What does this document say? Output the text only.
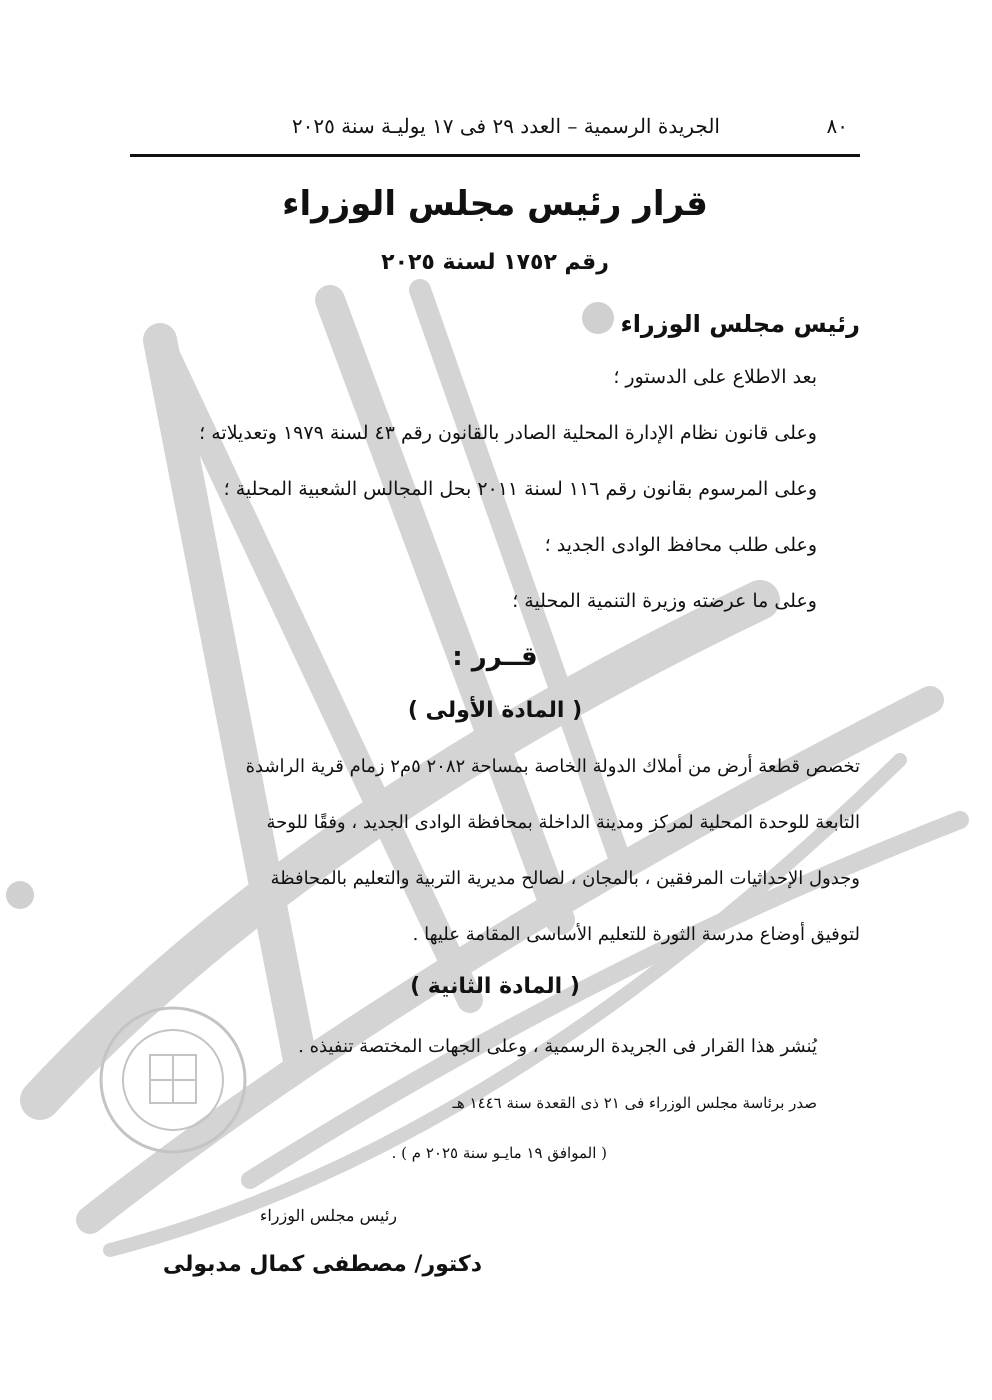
٨٠
الجريدة الرسمية – العدد ٢٩ فى ١٧ يوليـة سنة ٢٠٢٥
قرار رئيس مجلس الوزراء
رقم ١٧٥٢ لسنة ٢٠٢٥
رئيس مجلس الوزراء
بعد الاطلاع على الدستور ؛
وعلى قانون نظام الإدارة المحلية الصادر بالقانون رقم ٤٣ لسنة ١٩٧٩ وتعديلاته ؛
وعلى المرسوم بقانون رقم ١١٦ لسنة ٢٠١١ بحل المجالس الشعبية المحلية ؛
وعلى طلب محافظ الوادى الجديد ؛
وعلى ما عرضته وزيرة التنمية المحلية ؛
قــرر :
( المادة الأولى )
تخصص قطعة أرض من أملاك الدولة الخاصة بمساحة ٢٠٨٢ ٥م٢ زمام قرية الراشدة
التابعة للوحدة المحلية لمركز ومدينة الداخلة بمحافظة الوادى الجديد ، وفقًا للوحة
وجدول الإحداثيات المرفقين ، بالمجان ، لصالح مديرية التربية والتعليم بالمحافظة
لتوفيق أوضاع مدرسة الثورة للتعليم الأساسى المقامة عليها .
( المادة الثانية )
يُنشر هذا القرار فى الجريدة الرسمية ، وعلى الجهات المختصة تنفيذه .
صدر برئاسة مجلس الوزراء فى ٢١ ذى القعدة سنة ١٤٤٦ هـ
( الموافق ١٩ مايـو سنة ٢٠٢٥ م ) .
رئيس مجلس الوزراء
دكتور/ مصطفى كمال مدبولى
